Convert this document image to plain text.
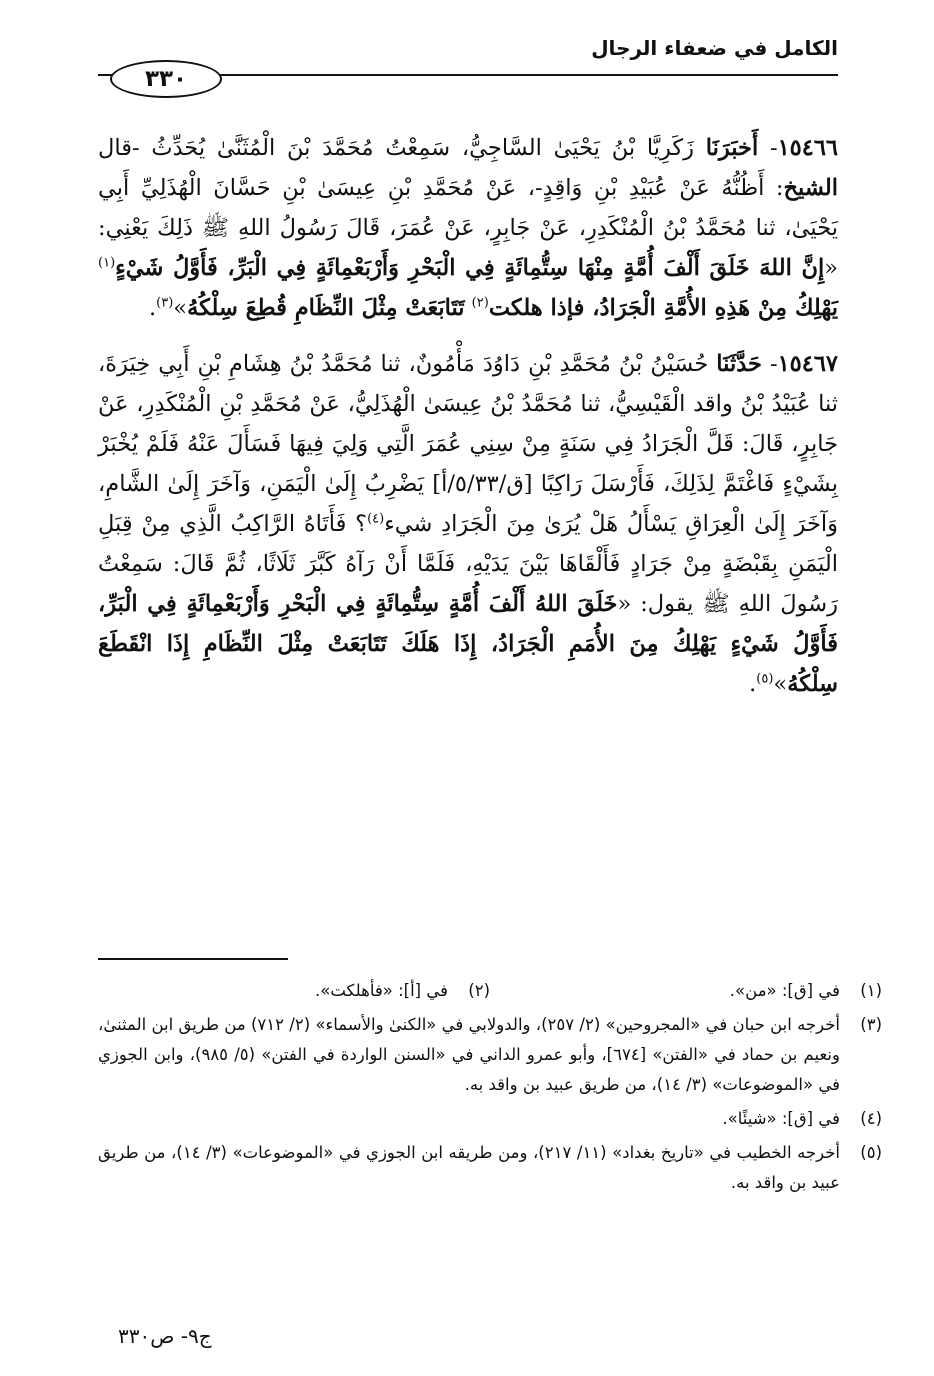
الكامل في ضعفاء الرجال
٣٣٠

١٥٤٦٦- أَخبَرَنَا زَكَرِيَّا بْنُ يَحْيَىٰ السَّاجِيُّ، سَمِعْتُ مُحَمَّدَ بْنَ الْمُثَنَّىٰ يُحَدِّثُ -قال الشيخ: أَظُنُّهُ عَنْ عُبَيْدِ بْنِ وَاقِدٍ-، عَنْ مُحَمَّدِ بْنِ عِيسَىٰ بْنِ حَسَّانَ الْهُذَلِيِّ أَبِي يَحْيَىٰ، ثنا مُحَمَّدُ بْنُ الْمُنْكَدِرِ، عَنْ جَابِرٍ، عَنْ عُمَرَ، قَالَ رَسُولُ اللهِ ﷺ ذَلِكَ يَعْنِي: «إِنَّ اللهَ خَلَقَ أَلْفَ أُمَّةٍ مِنْهَا سِتُّمِائَةٍ فِي الْبَحْرِ وَأَرْبَعْمِائَةٍ فِي الْبَرِّ، فَأَوَّلُ شَيْءٍ$^{(١)}$ يَهْلِكُ مِنْ هَذِهِ الأُمَّةِ الْجَرَادُ، فإذا هلكت$^{(٢)}$ تَتَابَعَتْ مِثْلَ النِّظَامِ قُطِعَ سِلْكُهُ»$^{(٣)}$.

١٥٤٦٧- حَدَّثَنَا حُسَيْنُ بْنُ مُحَمَّدِ بْنِ دَاوُدَ مَأْمُونٌ، ثنا مُحَمَّدُ بْنُ هِشَامِ بْنِ أَبِي خِيَرَةَ، ثنا عُبَيْدُ بْنُ واقد الْقَيْسِيُّ، ثنا مُحَمَّدُ بْنُ عِيسَىٰ الْهُذَلِيُّ، عَنْ مُحَمَّدِ بْنِ الْمُنْكَدِرِ، عَنْ جَابِرٍ، قَالَ: قَلَّ الْجَرَادُ فِي سَنَةٍ مِنْ سِنِي عُمَرَ الَّتِي وَلِيَ فِيهَا فَسَأَلَ عَنْهُ فَلَمْ يُخْبَرْ بِشَيْءٍ فَاغْتَمَّ لِذَلِكَ، فَأَرْسَلَ رَاكِبًا [ق/٥/٣٣/أ] يَضْرِبُ إِلَىٰ الْيَمَنِ، وَآخَرَ إِلَىٰ الشَّامِ، وَآخَرَ إِلَىٰ الْعِرَاقِ يَسْأَلُ هَلْ يُرَىٰ مِنَ الْجَرَادِ شيء$^{(٤)}$؟ فَأَتَاهُ الرَّاكِبُ الَّذِي مِنْ قِبَلِ الْيَمَنِ بِقَبْضَةٍ مِنْ جَرَادٍ فَأَلْقَاهَا بَيْنَ يَدَيْهِ، فَلَمَّا أَنْ رَآهُ كَبَّرَ ثَلَاثًا، ثُمَّ قَالَ: سَمِعْتُ رَسُولَ اللهِ ﷺ يقول: «خَلَقَ اللهُ أَلْفَ أُمَّةٍ سِتُّمِائَةٍ فِي الْبَحْرِ وَأَرْبَعْمِائَةٍ فِي الْبَرِّ، فَأَوَّلُ شَيْءٍ يَهْلِكُ مِنَ الأُمَمِ الْجَرَادُ، إِذَا هَلَكَ تَتَابَعَتْ مِثْلَ النِّظَامِ إِذَا انْقَطَعَ سِلْكُهُ»$^{(٥)}$.

(١)
في [ق]: «من».

(٢)
في [أ]: «فأهلكت».

(٣)
أخرجه ابن حبان في «المجروحين» (٢/ ٢٥٧)، والدولابي في «الكنىٰ والأسماء» (٢/ ٧١٢) من طريق ابن المثنىٰ، ونعيم بن حماد في «الفتن» [٦٧٤]، وأبو عمرو الداني في «السنن الواردة في الفتن» (٥/ ٩٨٥)، وابن الجوزي في «الموضوعات» (٣/ ١٤)، من طريق عبيد بن واقد به.

(٤)
في [ق]: «شيئًا».

(٥)
أخرجه الخطيب في «تاريخ بغداد» (١١/ ٢١٧)، ومن طريقه ابن الجوزي في «الموضوعات» (٣/ ١٤)، من طريق عبيد بن واقد به.

ج٩- ص٣٣٠
